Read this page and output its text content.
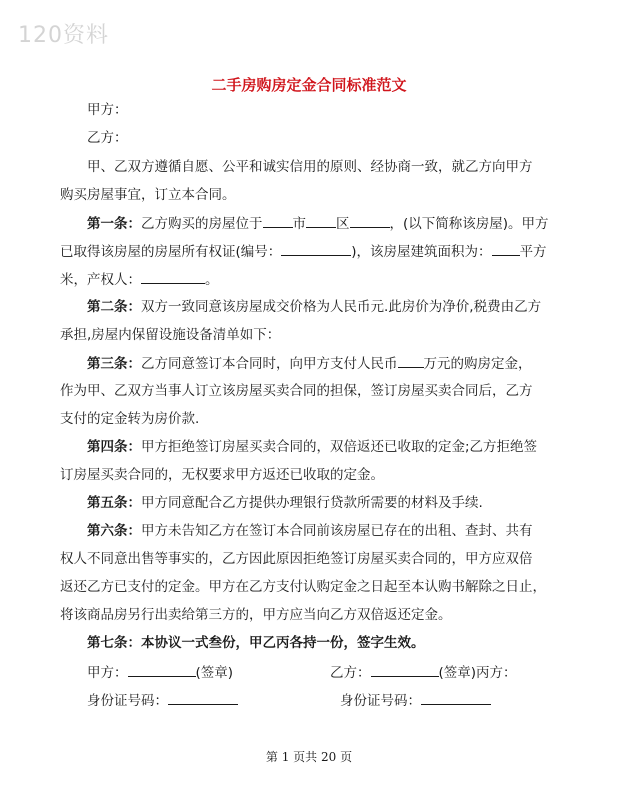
120资料
二手房购房定金合同标准范文
甲方：
乙方：
甲、乙双方遵循自愿、公平和诚实信用的原则、经协商一致，就乙方向甲方
购买房屋事宜，订立本合同。
第一条：乙方购买的房屋位于 市 区	，(以下简称该房屋)。甲方
已取得该房屋的房屋所有权证(编号：	)，该房屋建筑面积为： 平方
米，产权人：	。
第二条：双方一致同意该房屋成交价格为人民币元.此房价为净价,税费由乙方
承担,房屋内保留设施设备清单如下：
第三条：乙方同意签订本合同时，向甲方支付人民币 万元的购房定金，
作为甲、乙双方当事人订立该房屋买卖合同的担保，签订房屋买卖合同后，乙方
支付的定金转为房价款.
第四条：甲方拒绝签订房屋买卖合同的，双倍返还已收取的定金;乙方拒绝签
订房屋买卖合同的，无权要求甲方返还已收取的定金。
第五条：甲方同意配合乙方提供办理银行贷款所需要的材料及手续.
第六条：甲方未告知乙方在签订本合同前该房屋已存在的出租、查封、共有
权人不同意出售等事实的，乙方因此原因拒绝签订房屋买卖合同的，甲方应双倍
返还乙方已支付的定金。甲方在乙方支付认购定金之日起至本认购书解除之日止，
将该商品房另行出卖给第三方的，甲方应当向乙方双倍返还定金。
第七条：本协议一式叁份，甲乙丙各持一份，签字生效。
甲方：	(签章)	乙方：	(签章)丙方：
身份证号码：	身份证号码：
第 1 页共 20 页
